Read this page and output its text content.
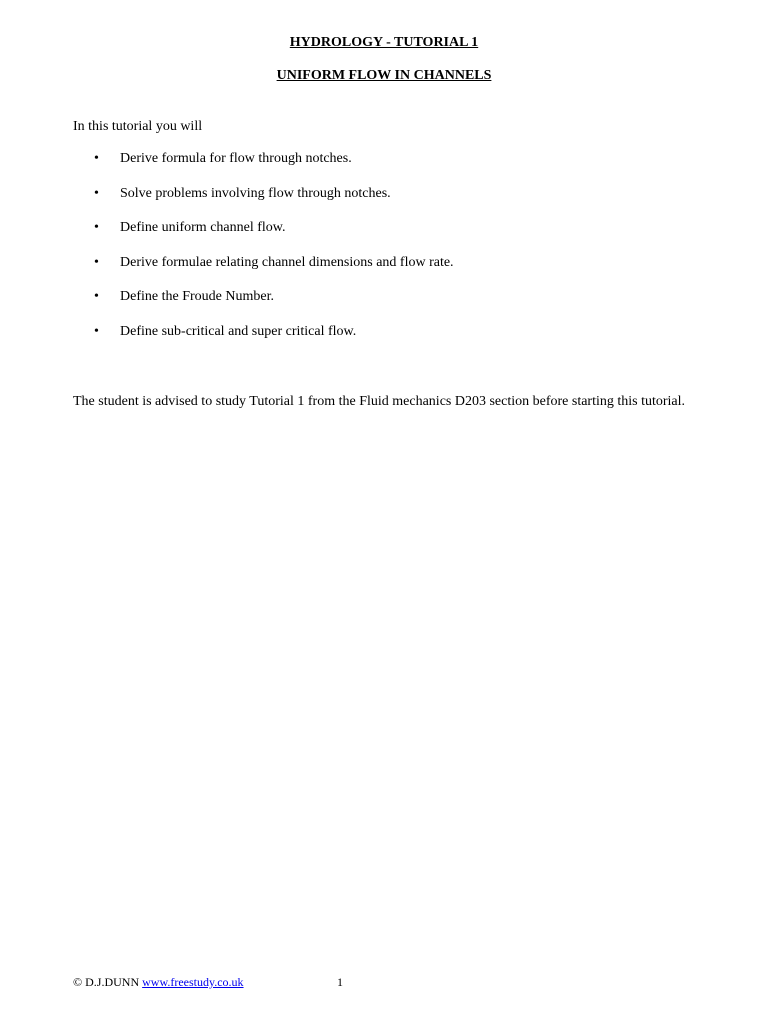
HYDROLOGY - TUTORIAL 1
UNIFORM FLOW IN CHANNELS
In this tutorial you will
• Derive formula for flow through notches.
• Solve problems involving flow through notches.
• Define uniform channel flow.
• Derive formulae relating channel dimensions and flow rate.
• Define the Froude Number.
• Define sub-critical and super critical flow.
The student is advised to study Tutorial 1 from the Fluid mechanics D203 section before starting this tutorial.
© D.J.DUNN www.freestudy.co.uk	1
